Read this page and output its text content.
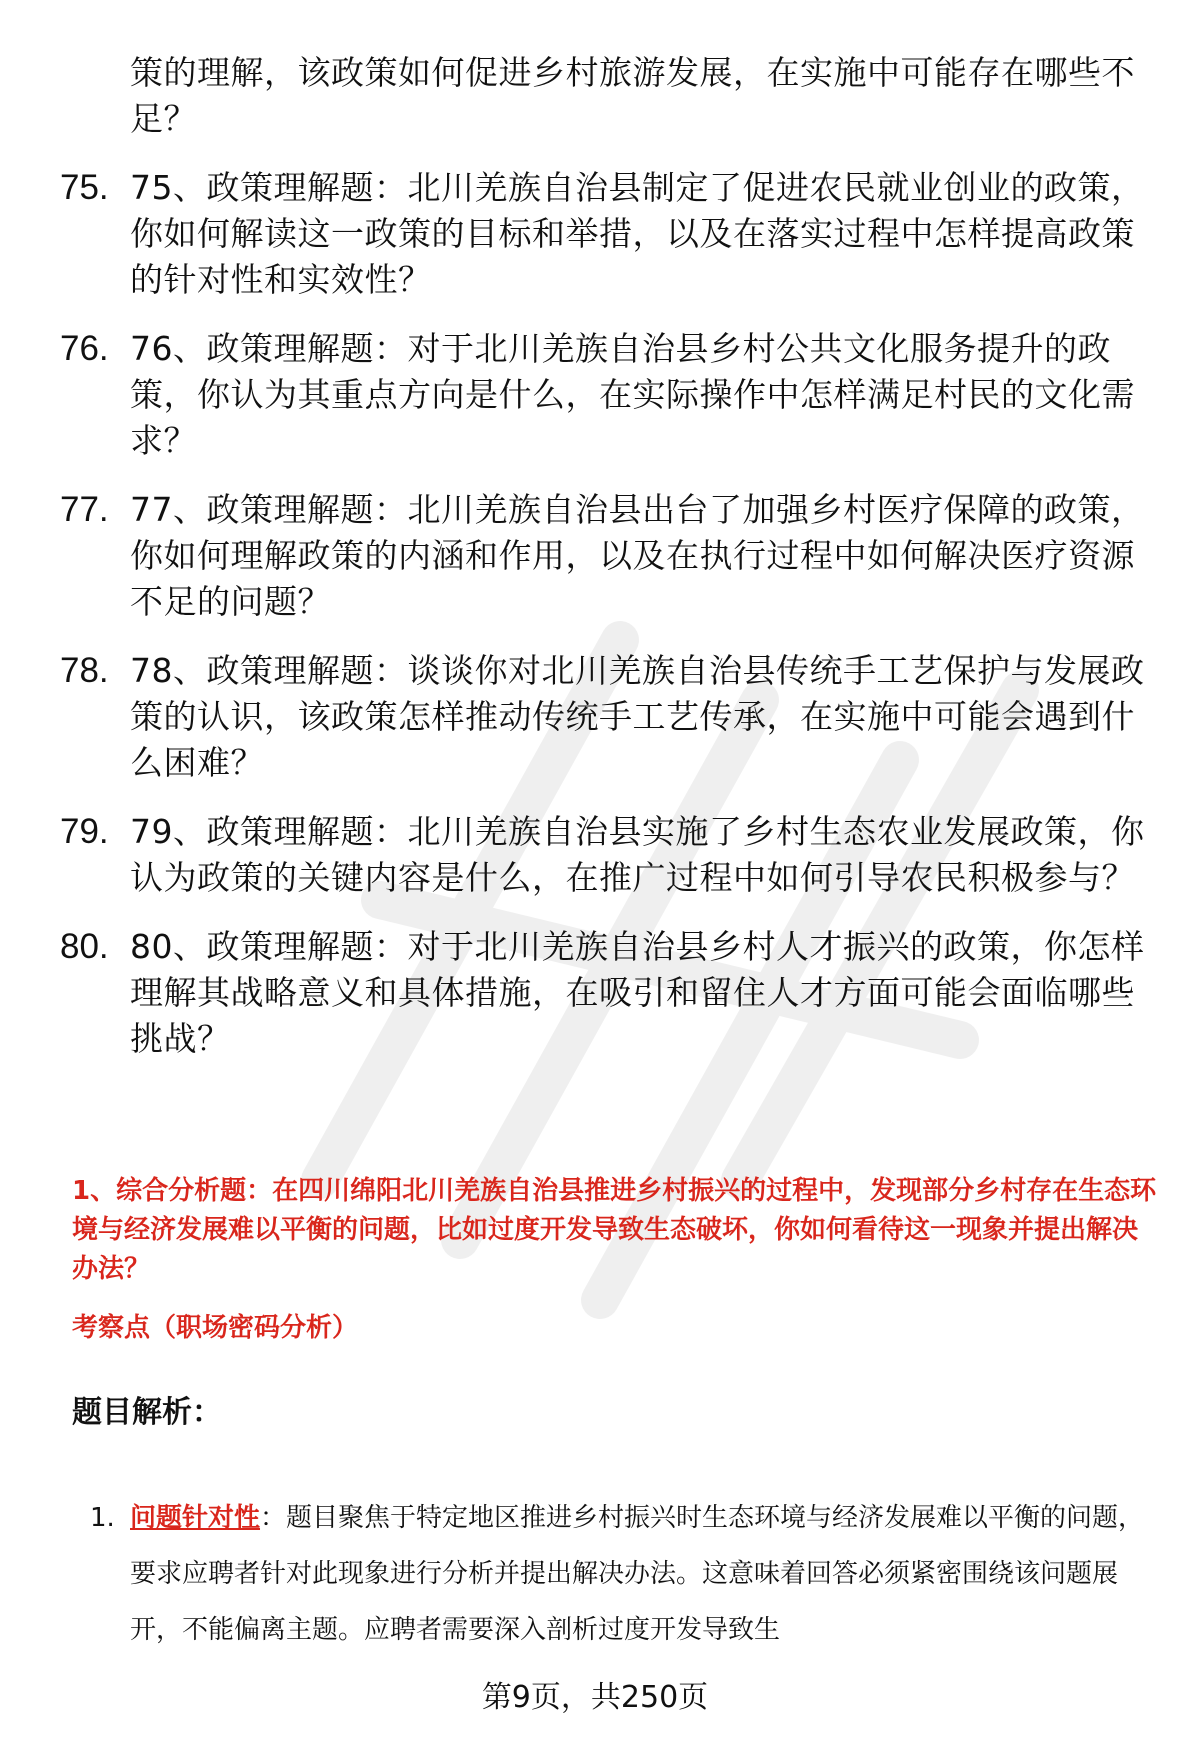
策的理解，该政策如何促进乡村旅游发展，在实施中可能存在哪些不足？
75. 75、政策理解题：北川羌族自治县制定了促进农民就业创业的政策，你如何解读这一政策的目标和举措，以及在落实过程中怎样提高政策的针对性和实效性？
76. 76、政策理解题：对于北川羌族自治县乡村公共文化服务提升的政策，你认为其重点方向是什么，在实际操作中怎样满足村民的文化需求？
77. 77、政策理解题：北川羌族自治县出台了加强乡村医疗保障的政策，你如何理解政策的内涵和作用，以及在执行过程中如何解决医疗资源不足的问题？
78. 78、政策理解题：谈谈你对北川羌族自治县传统手工艺保护与发展政策的认识，该政策怎样推动传统手工艺传承，在实施中可能会遇到什么困难？
79. 79、政策理解题：北川羌族自治县实施了乡村生态农业发展政策，你认为政策的关键内容是什么，在推广过程中如何引导农民积极参与？
80. 80、政策理解题：对于北川羌族自治县乡村人才振兴的政策，你怎样理解其战略意义和具体措施，在吸引和留住人才方面可能会面临哪些挑战？
1、综合分析题：在四川绵阳北川羌族自治县推进乡村振兴的过程中，发现部分乡村存在生态环境与经济发展难以平衡的问题，比如过度开发导致生态破坏，你如何看待这一现象并提出解决办法？
考察点（职场密码分析）
题目解析：
1. 问题针对性：题目聚焦于特定地区推进乡村振兴时生态环境与经济发展难以平衡的问题，要求应聘者针对此现象进行分析并提出解决办法。这意味着回答必须紧密围绕该问题展开，不能偏离主题。应聘者需要深入剖析过度开发导致生
第9页，共250页
